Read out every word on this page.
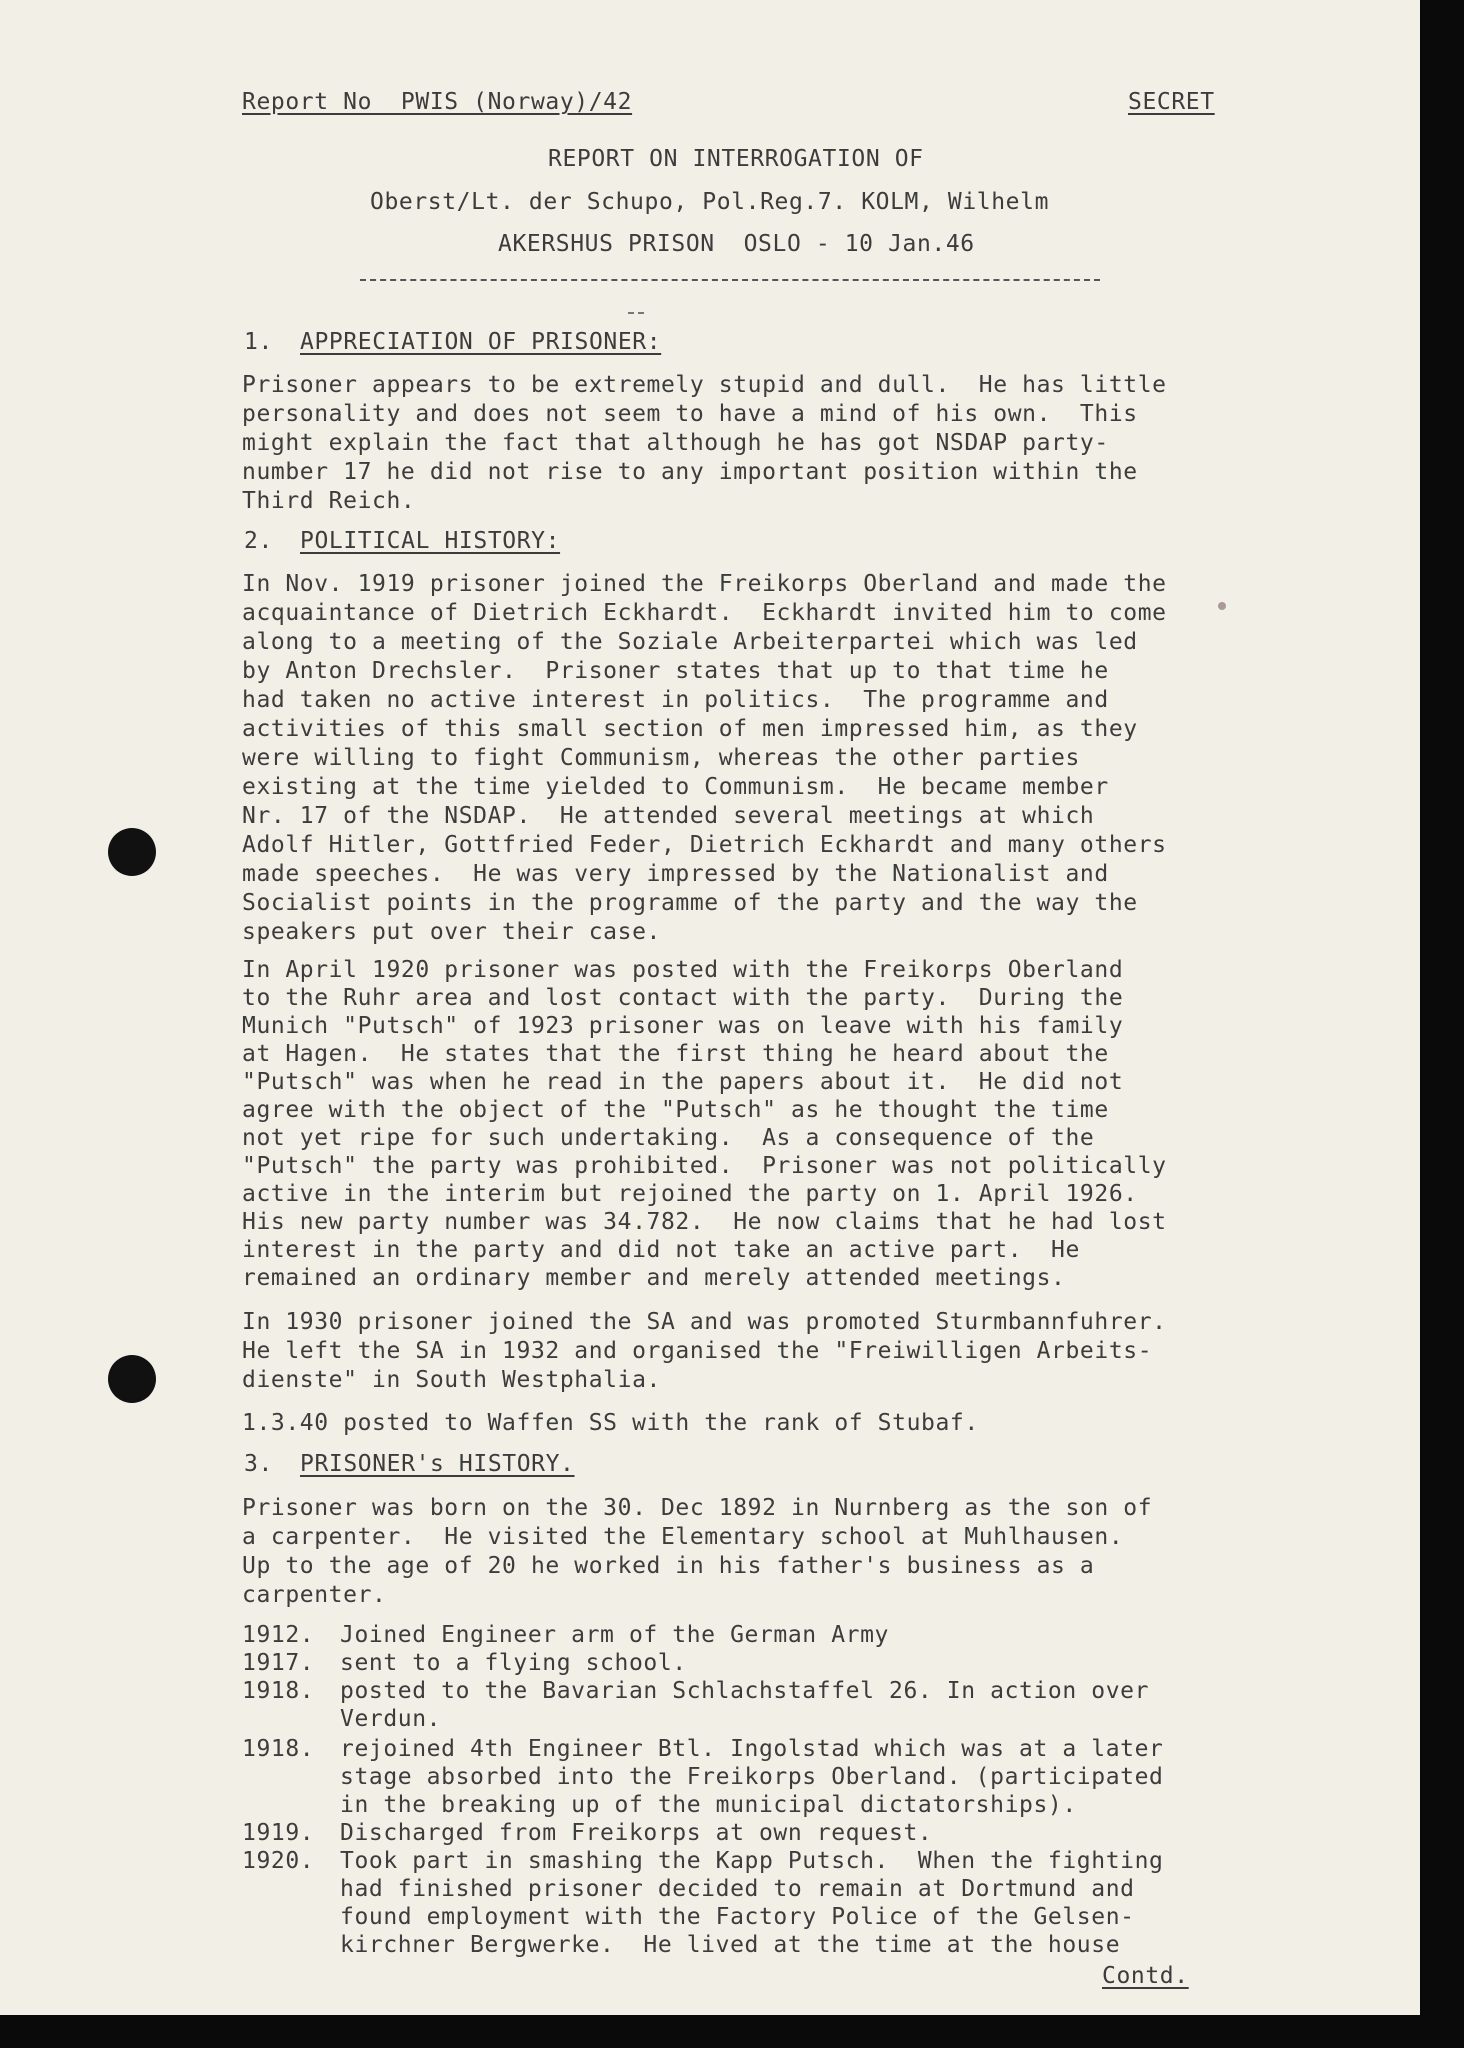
Report No  PWIS (Norway)/42	SECRET
REPORT ON INTERROGATION OF
Oberst/Lt. der Schupo, Pol.Reg.7. KOLM, Wilhelm
AKERSHUS PRISON  OSLO - 10 Jan.46
1. APPRECIATION OF PRISONER:
Prisoner appears to be extremely stupid and dull.  He has little
personality and does not seem to have a mind of his own.  This
might explain the fact that although he has got NSDAP party-
number 17 he did not rise to any important position within the
Third Reich.
2. POLITICAL HISTORY:
In Nov. 1919 prisoner joined the Freikorps Oberland and made the
acquaintance of Dietrich Eckhardt.  Eckhardt invited him to come
along to a meeting of the Soziale Arbeiterpartei which was led
by Anton Drechsler.  Prisoner states that up to that time he
had taken no active interest in politics.  The programme and
activities of this small section of men impressed him, as they
were willing to fight Communism, whereas the other parties
existing at the time yielded to Communism.  He became member
Nr. 17 of the NSDAP.  He attended several meetings at which
Adolf Hitler, Gottfried Feder, Dietrich Eckhardt and many others
made speeches.  He was very impressed by the Nationalist and
Socialist points in the programme of the party and the way the
speakers put over their case.
In April 1920 prisoner was posted with the Freikorps Oberland
to the Ruhr area and lost contact with the party.  During the
Munich "Putsch" of 1923 prisoner was on leave with his family
at Hagen.  He states that the first thing he heard about the
"Putsch" was when he read in the papers about it.  He did not
agree with the object of the "Putsch" as he thought the time
not yet ripe for such undertaking.  As a consequence of the
"Putsch" the party was prohibited.  Prisoner was not politically
active in the interim but rejoined the party on 1. April 1926.
His new party number was 34.782.  He now claims that he had lost
interest in the party and did not take an active part.  He
remained an ordinary member and merely attended meetings.
In 1930 prisoner joined the SA and was promoted Sturmbannfuhrer.
He left the SA in 1932 and organised the "Freiwilligen Arbeits-
dienste" in South Westphalia.
1.3.40 posted to Waffen SS with the rank of Stubaf.
3. PRISONER's HISTORY.
Prisoner was born on the 30. Dec 1892 in Nurnberg as the son of
a carpenter.  He visited the Elementary school at Muhlhausen.
Up to the age of 20 he worked in his father's business as a
carpenter.
1912. Joined Engineer arm of the German Army
1917. sent to a flying school.
1918. posted to the Bavarian Schlachstaffel 26. In action over
Verdun.
1918. rejoined 4th Engineer Btl. Ingolstad which was at a later
stage absorbed into the Freikorps Oberland. (participated
in the breaking up of the municipal dictatorships).
1919. Discharged from Freikorps at own request.
1920. Took part in smashing the Kapp Putsch.  When the fighting
had finished prisoner decided to remain at Dortmund and
found employment with the Factory Police of the Gelsen-
kirchner Bergwerke.  He lived at the time at the house
Contd.
